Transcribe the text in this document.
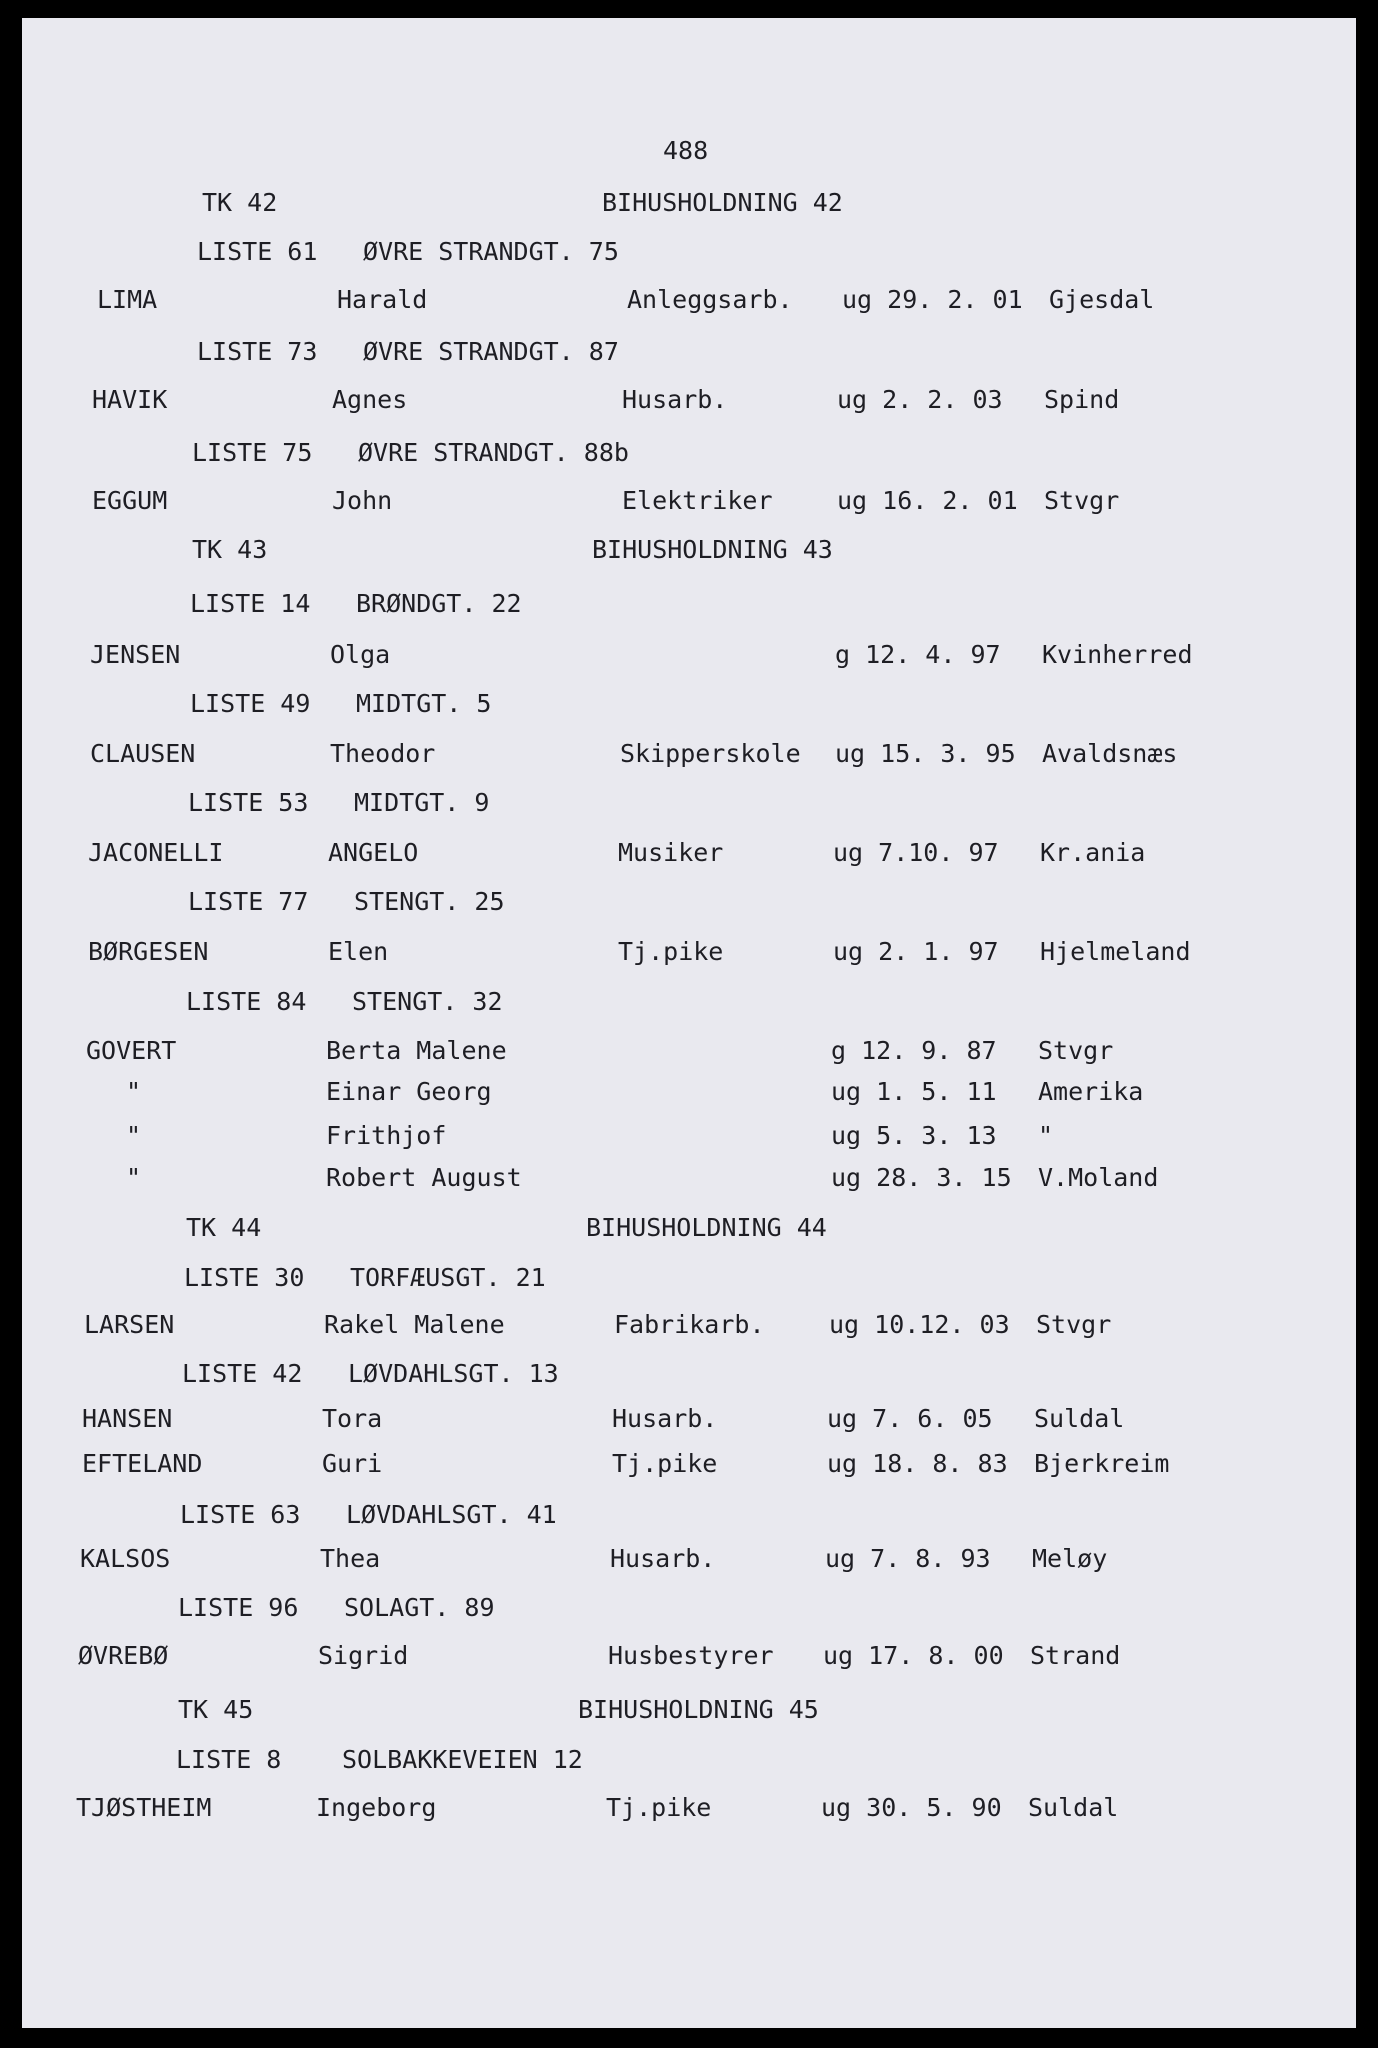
488
TK 42	BIHUSHOLDNING 42
LISTE 61 ØVRE STRANDGT. 75
LIMA	Harald	Anleggsarb. ug 29. 2. 01 Gjesdal
LISTE 73 ØVRE STRANDGT. 87
HAVIK	Agnes	Husarb.	ug 2. 2. 03 Spind
LISTE 75 ØVRE STRANDGT. 88b
EGGUM	John	Elektriker	ug 16. 2. 01 Stvgr
TK 43	BIHUSHOLDNING 43
LISTE 14 BRØNDGT. 22
JENSEN	Olga	g 12. 4. 97 Kvinherred
LISTE 49 MIDTGT. 5
CLAUSEN	Theodor	Skipperskole ug 15. 3. 95 Avaldsnæs
LISTE 53 MIDTGT. 9
JACONELLI	ANGELO	Musiker	ug 7.10. 97 Kr.ania
LISTE 77 STENGT. 25
BØRGESEN	Elen	Tj.pike	ug 2. 1. 97 Hjelmeland
LISTE 84 STENGT. 32
GOVERT	Berta Malene	g 12. 9. 87 Stvgr
"	Einar Georg	ug 1. 5. 11 Amerika
"	Frithjof	ug 5. 3. 13 "
"	Robert August	ug 28. 3. 15 V.Moland
TK 44	BIHUSHOLDNING 44
LISTE 30 TORFÆUSGT. 21
LARSEN	Rakel Malene	Fabrikarb.	ug 10.12. 03 Stvgr
LISTE 42 LØVDAHLSGT. 13
HANSEN	Tora	Husarb.	ug 7. 6. 05 Suldal
EFTELAND	Guri	Tj.pike	ug 18. 8. 83 Bjerkreim
LISTE 63 LØVDAHLSGT. 41
KALSOS	Thea	Husarb.	ug 7. 8. 93 Meløy
LISTE 96 SOLAGT. 89
ØVREBØ	Sigrid	Husbestyrer ug 17. 8. 00 Strand
TK 45	BIHUSHOLDNING 45
LISTE 8 SOLBAKKEVEIEN 12
TJØSTHEIM	Ingeborg	Tj.pike	ug 30. 5. 90 Suldal
